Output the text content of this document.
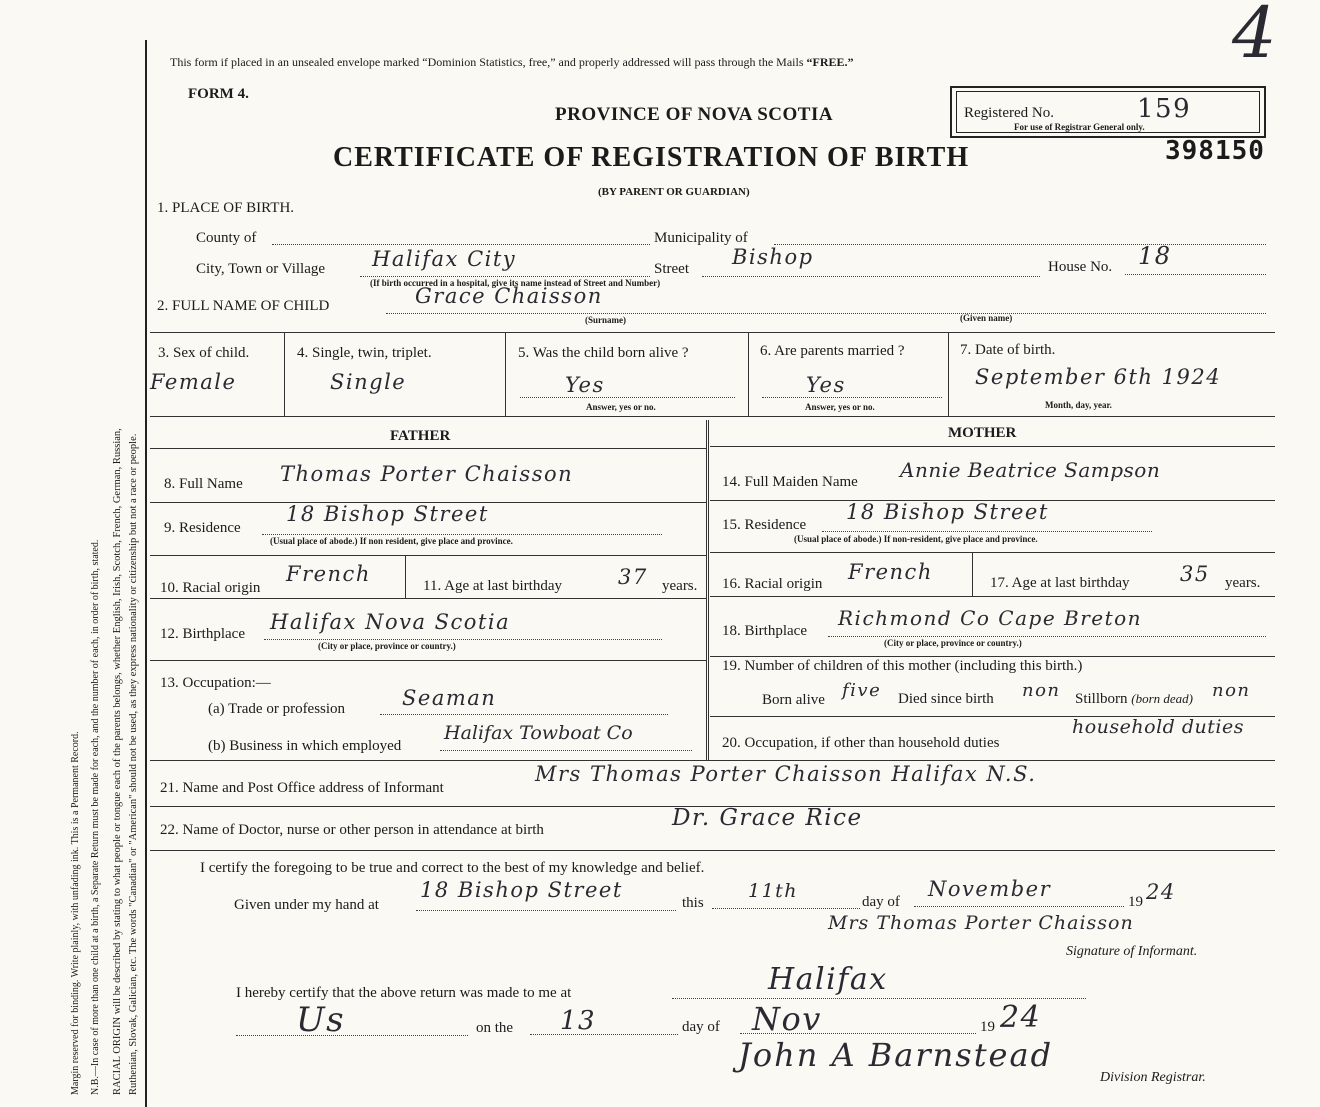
Margin reserved for binding. Write plainly, with unfading ink. This is a Permanent Record. N.B.—In case of more than one child at a birth, a Separate Return must be made for each, and the number of each, in order of birth, stated. RACIAL ORIGIN will be described by stating to what people or tongue each of the parents belongs, whether English, Irish, Scotch, French, German, Russian, Ruthenian, Slovak, Galician, etc. The words "Canadian" or "American" should not be used, as they express nationality or citizenship but not a race or people.
This form if placed in an unsealed envelope marked “Dominion Statistics, free,” and properly addressed will pass through the Mails “FREE.”
FORM 4.
PROVINCE OF NOVA SCOTIA
CERTIFICATE OF REGISTRATION OF BIRTH
(BY PARENT OR GUARDIAN)
Registered No.	159
For use of Registrar General only.
398150
4
1. PLACE OF BIRTH.
County of	Municipality of
City, Town or Village Halifax City
(If birth occurred in a hospital, give its name instead of Street and Number)
Street Bishop	House No. 18
2. FULL NAME OF CHILD	Grace Chaisson
(Surname)	(Given name)
3. Sex of child.
Female
4. Single, twin, triplet.
Single
5. Was the child born alive ?
Yes
Answer, yes or no.
6. Are parents married ?
Yes
Answer, yes or no.
7. Date of birth.
September 6th 1924
Month, day, year.
FATHER	MOTHER
8. Full Name Thomas Porter Chaisson
9. Residence
18 Bishop Street
(Usual place of abode.) If non resident, give place and province.
10. Racial origin
French	11. Age at last birthday	37 years.
12. Birthplace Halifax Nova Scotia
(City or place, province or country.)
13. Occupation:—
(a) Trade or profession	Seaman
(b) Business in which employed
Halifax Towboat Co
14. Full Maiden Name Annie Beatrice Sampson
15. Residence
18 Bishop Street
(Usual place of abode.) If non-resident, give place and province.
16. Racial origin French	17. Age at last birthday 35 years.
18. Birthplace
Richmond Co Cape Breton
(City or place, province or country.)
19. Number of children of this mother (including this birth.)
Born alive five Died since birth non Stillborn (born dead) non
20. Occupation, if other than household duties
household duties
21. Name and Post Office address of Informant
Mrs Thomas Porter Chaisson Halifax N.S.
22. Name of Doctor, nurse or other person in attendance at birth	Dr. Grace Rice
I certify the foregoing to be true and correct to the best of my knowledge and belief.
Given under my hand at
18 Bishop Street
this
11th	day of
November
19 24
Mrs Thomas Porter Chaisson
Signature of Informant.
I hereby certify that the above return was made to me at	Halifax
Us	on the 13	day of Nov	19 24
John A Barnstead
Division Registrar.
